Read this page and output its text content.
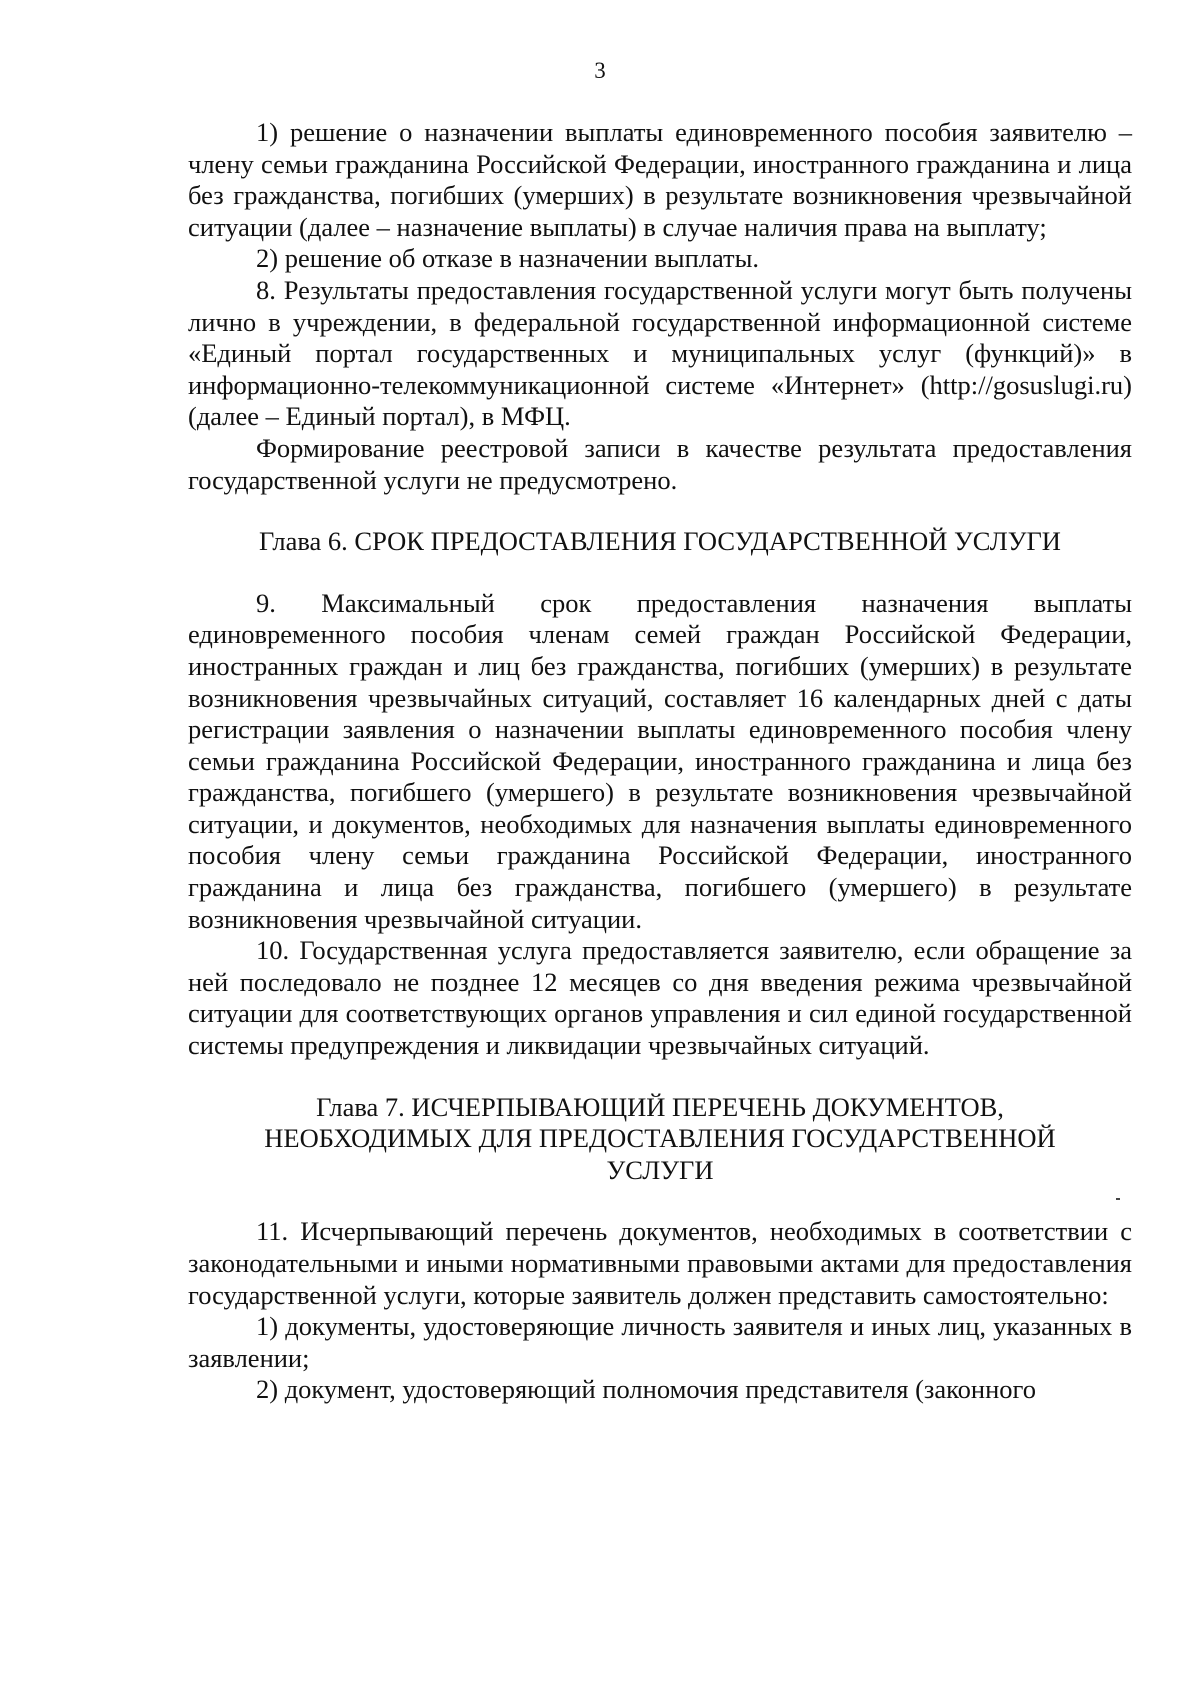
3

1) решение о назначении выплаты единовременного пособия заявителю – члену семьи гражданина Российской Федерации, иностранного гражданина и лица без гражданства, погибших (умерших) в результате возникновения чрезвычайной ситуации (далее – назначение выплаты) в случае наличия права на выплату;

2) решение об отказе в назначении выплаты.

8. Результаты предоставления государственной услуги могут быть получены лично в учреждении, в федеральной государственной информационной системе «Единый портал государственных и муниципальных услуг (функций)» в информационно-телекоммуникационной системе «Интернет» (http://gosuslugi.ru) (далее – Единый портал), в МФЦ.

Формирование реестровой записи в качестве результата предоставления государственной услуги не предусмотрено.

Глава 6. СРОК ПРЕДОСТАВЛЕНИЯ ГОСУДАРСТВЕННОЙ УСЛУГИ

9. Максимальный срок предоставления назначения выплаты единовременного пособия членам семей граждан Российской Федерации, иностранных граждан и лиц без гражданства, погибших (умерших) в результате возникновения чрезвычайных ситуаций, составляет 16 календарных дней с даты регистрации заявления о назначении выплаты единовременного пособия члену семьи гражданина Российской Федерации, иностранного гражданина и лица без гражданства, погибшего (умершего) в результате возникновения чрезвычайной ситуации, и документов, необходимых для назначения выплаты единовременного пособия члену семьи гражданина Российской Федерации, иностранного гражданина и лица без гражданства, погибшего (умершего) в результате возникновения чрезвычайной ситуации.

10. Государственная услуга предоставляется заявителю, если обращение за ней последовало не позднее 12 месяцев со дня введения режима чрезвычайной ситуации для соответствующих органов управления и сил единой государственной системы предупреждения и ликвидации чрезвычайных ситуаций.

Глава 7. ИСЧЕРПЫВАЮЩИЙ ПЕРЕЧЕНЬ ДОКУМЕНТОВ,
НЕОБХОДИМЫХ ДЛЯ ПРЕДОСТАВЛЕНИЯ ГОСУДАРСТВЕННОЙ
УСЛУГИ

11. Исчерпывающий перечень документов, необходимых в соответствии с законодательными и иными нормативными правовыми актами для предоставления государственной услуги, которые заявитель должен представить самостоятельно:

1) документы, удостоверяющие личность заявителя и иных лиц, указанных в заявлении;

2) документ, удостоверяющий полномочия представителя (законного
